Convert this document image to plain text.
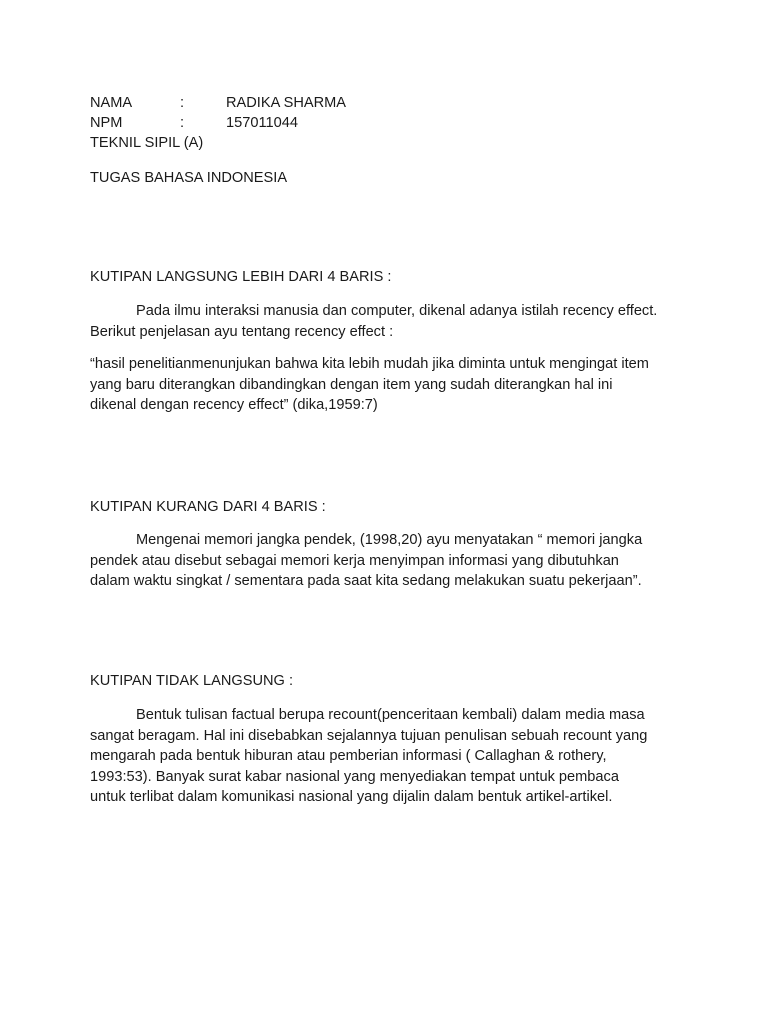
NAMA	:	RADIKA SHARMA
NPM	:	157011044
TEKNIL SIPIL (A)
TUGAS BAHASA INDONESIA
KUTIPAN LANGSUNG LEBIH DARI 4 BARIS :
Pada ilmu interaksi manusia dan computer, dikenal adanya istilah recency effect.
Berikut penjelasan ayu tentang recency effect :
“hasil penelitianmenunjukan bahwa kita lebih mudah jika diminta untuk mengingat item
yang baru diterangkan dibandingkan dengan item yang sudah diterangkan hal ini
dikenal dengan recency effect” (dika,1959:7)
KUTIPAN KURANG DARI 4 BARIS :
Mengenai memori jangka pendek, (1998,20) ayu menyatakan “ memori jangka
pendek atau disebut sebagai memori kerja menyimpan informasi yang dibutuhkan
dalam waktu singkat / sementara pada saat kita sedang melakukan suatu pekerjaan”.
KUTIPAN TIDAK LANGSUNG :
Bentuk tulisan factual berupa recount(penceritaan kembali) dalam media masa
sangat beragam. Hal ini disebabkan sejalannya tujuan penulisan sebuah recount yang
mengarah pada bentuk hiburan atau pemberian informasi ( Callaghan & rothery,
1993:53). Banyak surat kabar nasional yang menyediakan tempat untuk pembaca
untuk terlibat dalam komunikasi nasional yang dijalin dalam bentuk artikel-artikel.
